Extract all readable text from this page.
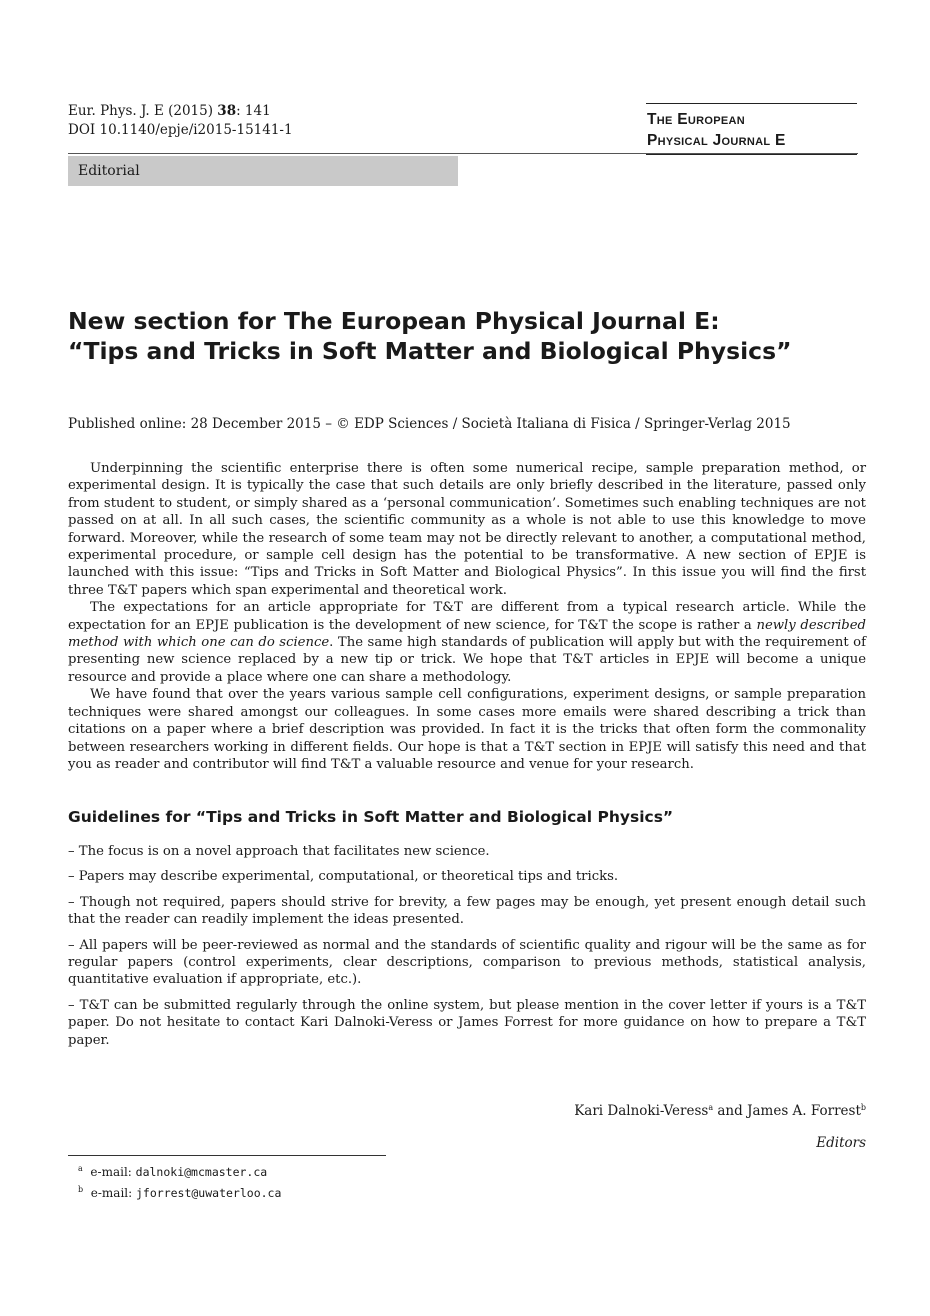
Eur. Phys. J. E (2015) 38: 141
DOI 10.1140/epje/i2015-15141-1
The European
Physical Journal E
Editorial
New section for The European Physical Journal E:
“Tips and Tricks in Soft Matter and Biological Physics”
Published online: 28 December 2015 – © EDP Sciences / Società Italiana di Fisica / Springer-Verlag 2015

Underpinning the scientific enterprise there is often some numerical recipe, sample preparation method, or experimental design. It is typically the case that such details are only briefly described in the literature, passed only from student to student, or simply shared as a ‘personal communication’. Sometimes such enabling techniques are not passed on at all. In all such cases, the scientific community as a whole is not able to use this knowledge to move forward. Moreover, while the research of some team may not be directly relevant to another, a computational method, experimental procedure, or sample cell design has the potential to be transformative. A new section of EPJE is launched with this issue: “Tips and Tricks in Soft Matter and Biological Physics”. In this issue you will find the first three T&T papers which span experimental and theoretical work.

The expectations for an article appropriate for T&T are different from a typical research article. While the expectation for an EPJE publication is the development of new science, for T&T the scope is rather a newly described method with which one can do science. The same high standards of publication will apply but with the requirement of presenting new science replaced by a new tip or trick. We hope that T&T articles in EPJE will become a unique resource and provide a place where one can share a methodology.

We have found that over the years various sample cell configurations, experiment designs, or sample preparation techniques were shared amongst our colleagues. In some cases more emails were shared describing a trick than citations on a paper where a brief description was provided. In fact it is the tricks that often form the commonality between researchers working in different fields. Our hope is that a T&T section in EPJE will satisfy this need and that you as reader and contributor will find T&T a valuable resource and venue for your research.

Guidelines for “Tips and Tricks in Soft Matter and Biological Physics”

– The focus is on a novel approach that facilitates new science.

– Papers may describe experimental, computational, or theoretical tips and tricks.

– Though not required, papers should strive for brevity, a few pages may be enough, yet present enough detail such that the reader can readily implement the ideas presented.

– All papers will be peer-reviewed as normal and the standards of scientific quality and rigour will be the same as for regular papers (control experiments, clear descriptions, comparison to previous methods, statistical analysis, quantitative evaluation if appropriate, etc.).

– T&T can be submitted regularly through the online system, but please mention in the cover letter if yours is a T&T paper. Do not hesitate to contact Kari Dalnoki-Veress or James Forrest for more guidance on how to prepare a T&T paper.

Kari Dalnoki-Veress$^a$ and James A. Forrest$^b$
Editors
$^a$ e-mail: dalnoki@mcmaster.ca
$^b$ e-mail: jforrest@uwaterloo.ca
